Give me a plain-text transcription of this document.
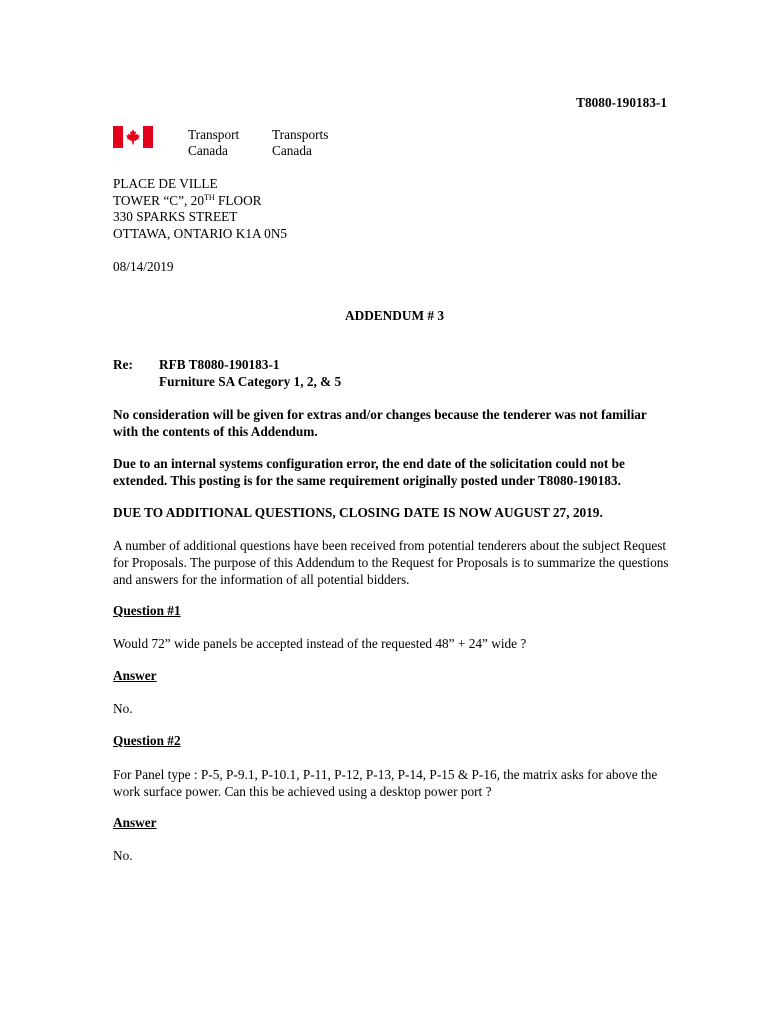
T8080-190183-1
Transport
Canada
Transports
Canada
PLACE DE VILLE
TOWER “C”, 20TH FLOOR
330 SPARKS STREET
OTTAWA, ONTARIO K1A 0N5
08/14/2019
ADDENDUM # 3
Re: RFB T8080-190183-1
Furniture SA Category 1, 2, & 5
No consideration will be given for extras and/or changes because the tenderer was not familiar with the contents of this Addendum.
Due to an internal systems configuration error, the end date of the solicitation could not be extended. This posting is for the same requirement originally posted under T8080-190183.
DUE TO ADDITIONAL QUESTIONS, CLOSING DATE IS NOW AUGUST 27, 2019.
A number of additional questions have been received from potential tenderers about the subject Request for Proposals. The purpose of this Addendum to the Request for Proposals is to summarize the questions and answers for the information of all potential bidders.
Question #1
Would 72” wide panels be accepted instead of the requested 48” + 24” wide ?
Answer
No.
Question #2
For Panel type : P-5, P-9.1, P-10.1, P-11, P-12, P-13, P-14, P-15 & P-16, the matrix asks for above the work surface power. Can this be achieved using a desktop power port ?
Answer
No.
